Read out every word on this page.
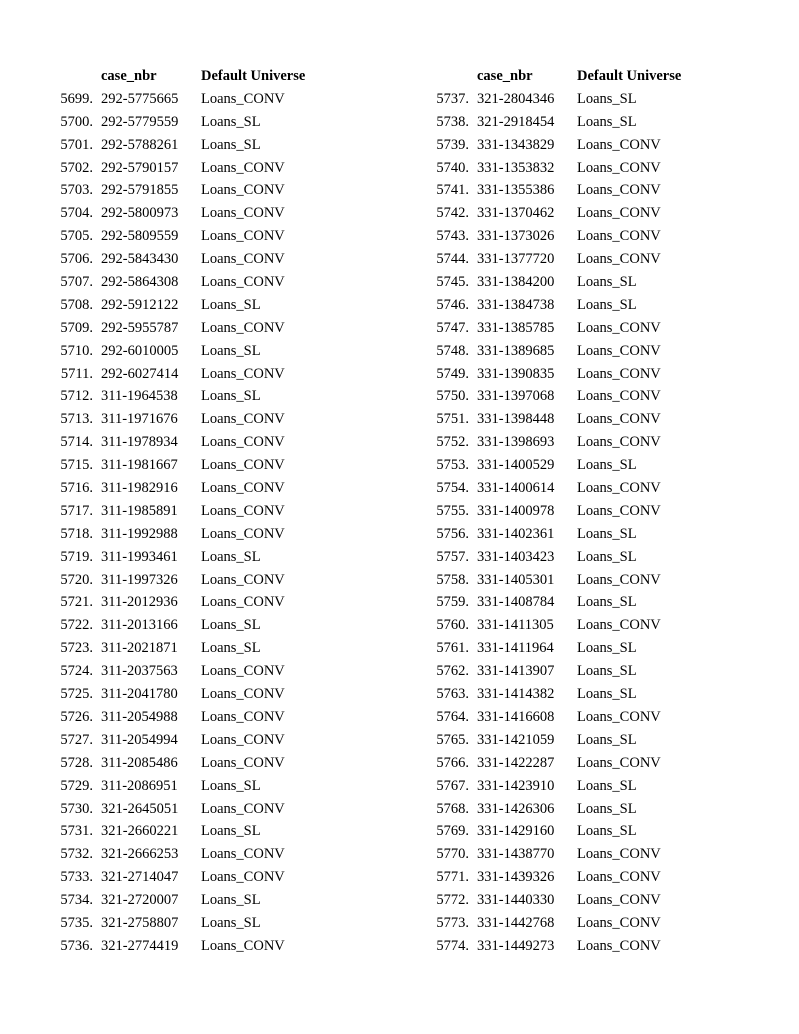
case_nbr	Default Universe
5699. 292-5775665 Loans_CONV
5700. 292-5779559 Loans_SL
5701. 292-5788261 Loans_SL
5702. 292-5790157 Loans_CONV
5703. 292-5791855 Loans_CONV
5704. 292-5800973 Loans_CONV
5705. 292-5809559 Loans_CONV
5706. 292-5843430 Loans_CONV
5707. 292-5864308 Loans_CONV
5708. 292-5912122 Loans_SL
5709. 292-5955787 Loans_CONV
5710. 292-6010005 Loans_SL
5711. 292-6027414 Loans_CONV
5712. 311-1964538 Loans_SL
5713. 311-1971676 Loans_CONV
5714. 311-1978934 Loans_CONV
5715. 311-1981667 Loans_CONV
5716. 311-1982916 Loans_CONV
5717. 311-1985891 Loans_CONV
5718. 311-1992988 Loans_CONV
5719. 311-1993461 Loans_SL
5720. 311-1997326 Loans_CONV
5721. 311-2012936 Loans_CONV
5722. 311-2013166 Loans_SL
5723. 311-2021871 Loans_SL
5724. 311-2037563 Loans_CONV
5725. 311-2041780 Loans_CONV
5726. 311-2054988 Loans_CONV
5727. 311-2054994 Loans_CONV
5728. 311-2085486 Loans_CONV
5729. 311-2086951 Loans_SL
5730. 321-2645051 Loans_CONV
5731. 321-2660221 Loans_SL
5732. 321-2666253 Loans_CONV
5733. 321-2714047 Loans_CONV
5734. 321-2720007 Loans_SL
5735. 321-2758807 Loans_SL
5736. 321-2774419 Loans_CONV
case_nbr	Default Universe
5737. 321-2804346 Loans_SL
5738. 321-2918454 Loans_SL
5739. 331-1343829 Loans_CONV
5740. 331-1353832 Loans_CONV
5741. 331-1355386 Loans_CONV
5742. 331-1370462 Loans_CONV
5743. 331-1373026 Loans_CONV
5744. 331-1377720 Loans_CONV
5745. 331-1384200 Loans_SL
5746. 331-1384738 Loans_SL
5747. 331-1385785 Loans_CONV
5748. 331-1389685 Loans_CONV
5749. 331-1390835 Loans_CONV
5750. 331-1397068 Loans_CONV
5751. 331-1398448 Loans_CONV
5752. 331-1398693 Loans_CONV
5753. 331-1400529 Loans_SL
5754. 331-1400614 Loans_CONV
5755. 331-1400978 Loans_CONV
5756. 331-1402361 Loans_SL
5757. 331-1403423 Loans_SL
5758. 331-1405301 Loans_CONV
5759. 331-1408784 Loans_SL
5760. 331-1411305 Loans_CONV
5761. 331-1411964 Loans_SL
5762. 331-1413907 Loans_SL
5763. 331-1414382 Loans_SL
5764. 331-1416608 Loans_CONV
5765. 331-1421059 Loans_SL
5766. 331-1422287 Loans_CONV
5767. 331-1423910 Loans_SL
5768. 331-1426306 Loans_SL
5769. 331-1429160 Loans_SL
5770. 331-1438770 Loans_CONV
5771. 331-1439326 Loans_CONV
5772. 331-1440330 Loans_CONV
5773. 331-1442768 Loans_CONV
5774. 331-1449273 Loans_CONV
